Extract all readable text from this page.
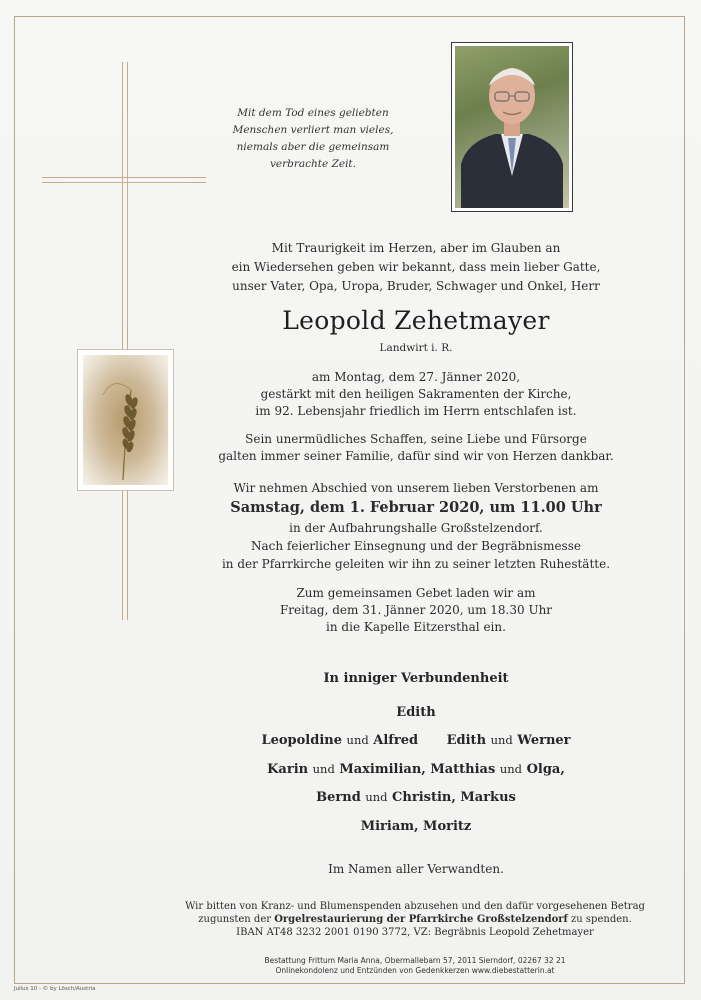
Mit dem Tod eines geliebten
Menschen verliert man vieles,
niemals aber die gemeinsam
verbrachte Zeit.
Mit Traurigkeit im Herzen, aber im Glauben an
ein Wiedersehen geben wir bekannt, dass mein lieber Gatte,
unser Vater, Opa, Uropa, Bruder, Schwager und Onkel, Herr
Leopold Zehetmayer
Landwirt i. R.
am Montag, dem 27. Jänner 2020,
gestärkt mit den heiligen Sakramenten der Kirche,
im 92. Lebensjahr friedlich im Herrn entschlafen ist.
Sein unermüdliches Schaffen, seine Liebe und Fürsorge
galten immer seiner Familie, dafür sind wir von Herzen dankbar.
Wir nehmen Abschied von unserem lieben Verstorbenen am
Samstag, dem 1. Februar 2020, um 11.00 Uhr
in der Aufbahrungshalle Großstelzendorf.
Nach feierlicher Einsegnung und der Begräbnismesse
in der Pfarrkirche geleiten wir ihn zu seiner letzten Ruhestätte.
Zum gemeinsamen Gebet laden wir am
Freitag, dem 31. Jänner 2020, um 18.30 Uhr
in die Kapelle Eitzersthal ein.
In inniger Verbundenheit
Edith
Leopoldine und Alfred Edith und Werner
Karin und Maximilian, Matthias und Olga,
Bernd und Christin, Markus
Miriam, Moritz
Im Namen aller Verwandten.
Wir bitten von Kranz- und Blumenspenden abzusehen und den dafür vorgesehenen Betrag
zugunsten der Orgelrestaurierung der Pfarrkirche Großstelzendorf zu spenden.
IBAN AT48 3232 2001 0190 3772, VZ: Begräbnis Leopold Zehetmayer
Bestattung Frittum Maria Anna, Obermallebarn 57, 2011 Sierndorf, 02267 32 21
Onlinekondolenz und Entzünden von Gedenkkerzen www.diebestatterin.at
Julius 10 - © by Lösch/Austria
